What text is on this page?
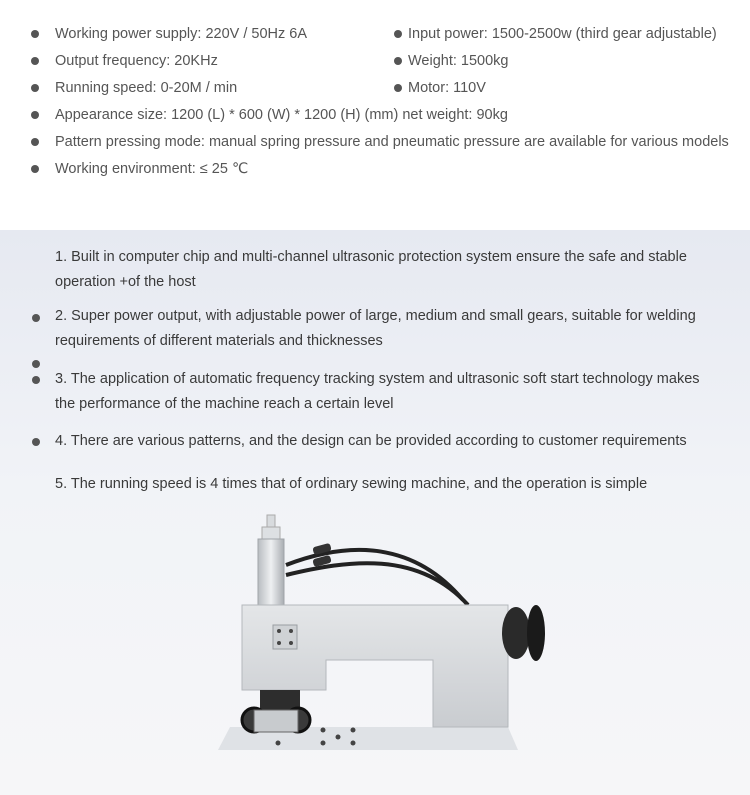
Working power supply: 220V / 50Hz 6A	Input power: 1500-2500w (third gear adjustable)
Output frequency: 20KHz	Weight: 1500kg
Running speed: 0-20M / min	Motor: 110V
Appearance size: 1200 (L) * 600 (W) * 1200 (H) (mm) net weight: 90kg
Pattern pressing mode: manual spring pressure and pneumatic pressure are available for various models
Working environment: ≤ 25 ℃
1. Built in computer chip and multi-channel ultrasonic protection system ensure the safe and stable
operation +of the host
2. Super power output, with adjustable power of large, medium and small gears, suitable for welding
requirements of different materials and thicknesses
3. The application of automatic frequency tracking system and ultrasonic soft start technology makes
the performance of the machine reach a certain level
4. There are various patterns, and the design can be provided according to customer requirements
5. The running speed is 4 times that of ordinary sewing machine, and the operation is simple
